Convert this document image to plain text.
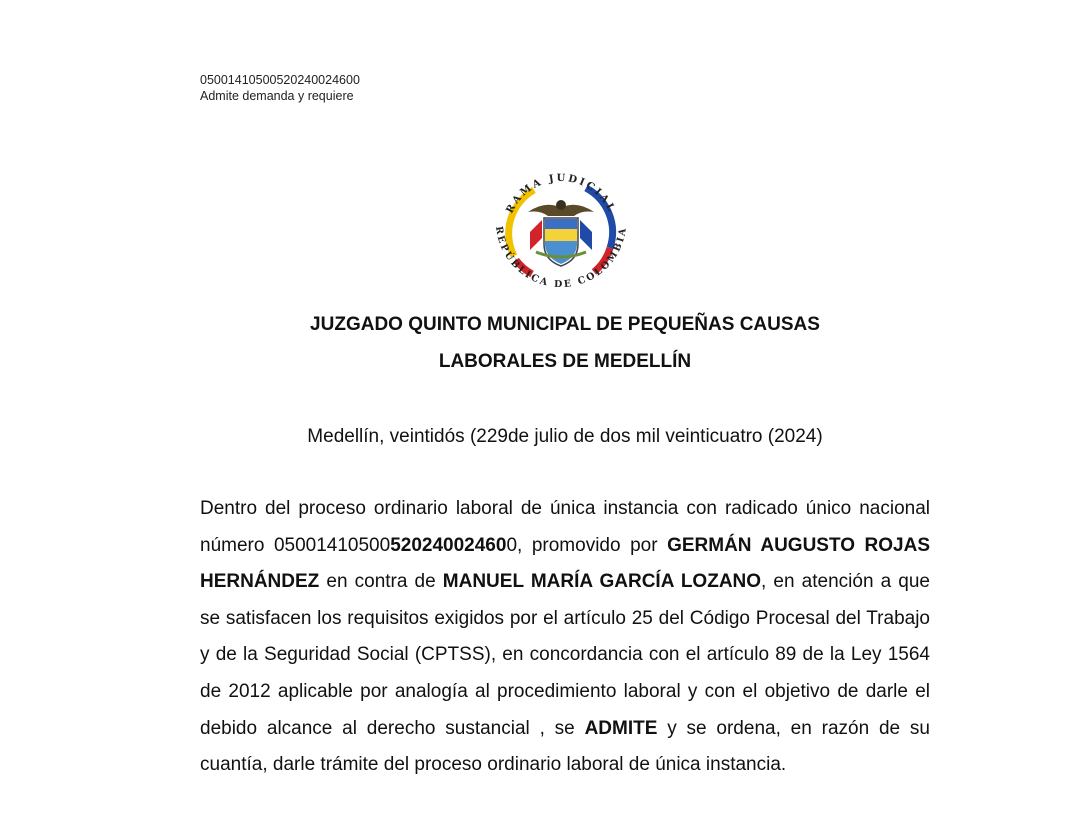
05001410500520240024600
Admite demanda y requiere
RAMA JUDICIAL
REPÚBLICA DE COLOMBIA
JUZGADO QUINTO MUNICIPAL DE PEQUEÑAS CAUSAS
LABORALES DE MEDELLÍN
Medellín, veintidós (229de julio de dos mil veinticuatro (2024)
Dentro del proceso ordinario laboral de única instancia con radicado único nacional número 05001410500520240024600, promovido por GERMÁN AUGUSTO ROJAS HERNÁNDEZ en contra de MANUEL MARÍA GARCÍA LOZANO, en atención a que se satisfacen los requisitos exigidos por el artículo 25 del Código Procesal del Trabajo y de la Seguridad Social (CPTSS), en concordancia con el artículo 89 de la Ley 1564 de 2012 aplicable por analogía al procedimiento laboral y con el objetivo de darle el debido alcance al derecho sustancial , se ADMITE y se ordena, en razón de su cuantía, darle trámite del proceso ordinario laboral de única instancia.
